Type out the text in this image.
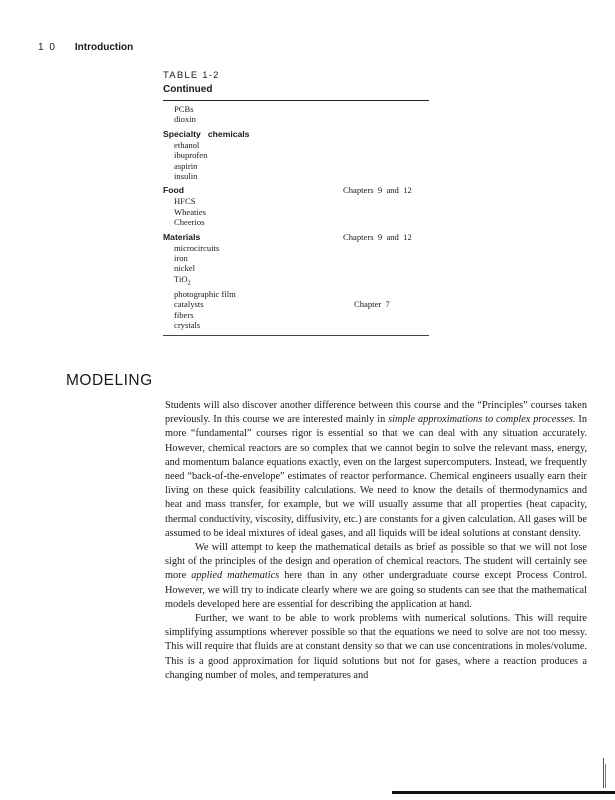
1 0 Introduction
TABLE 1-2
Continued
PCBs
dioxin
Specialty   chemicals
ethanol
ibuprofen
aspirin
insulin
Food	Chapters  9  and  12
HFCS
Wheaties
Cheerios
Materials	Chapters  9  and  12
microcircuits
iron
nickel
TiO$_2$
photographic film
catalysts	Chapter  7
fibers
crystals
MODELING

Students will also discover another difference between this course and the “Principles” courses taken previously. In this course we are interested mainly in simple approximations to complex processes. In more “fundamental” courses rigor is essential so that we can deal with any situation accurately. However, chemical reactors are so complex that we cannot begin to solve the relevant mass, energy, and momentum balance equations exactly, even on the largest supercomputers. Instead, we frequently need “back-of-the-envelope” estimates of reactor performance. Chemical engineers usually earn their living on these quick feasibility calculations. We need to know the details of thermodynamics and heat and mass transfer, for example, but we will usually assume that all properties (heat capacity, thermal conductivity, viscosity, diffusivity, etc.) are constants for a given calculation. All gases will be assumed to be ideal mixtures of ideal gases, and all liquids will be ideal solutions at constant density.

We will attempt to keep the mathematical details as brief as possible so that we will not lose sight of the principles of the design and operation of chemical reactors. The student will certainly see more applied mathematics here than in any other undergraduate course except Process Control. However, we will try to indicate clearly where we are going so students can see that the mathematical models developed here are essential for describing the application at hand.

Further, we want to be able to work problems with numerical solutions. This will require simplifying assumptions wherever possible so that the equations we need to solve are not too messy. This will require that fluids are at constant density so that we can use concentrations in moles/volume. This is a good approximation for liquid solutions but not for gases, where a reaction produces a changing number of moles, and temperatures and
